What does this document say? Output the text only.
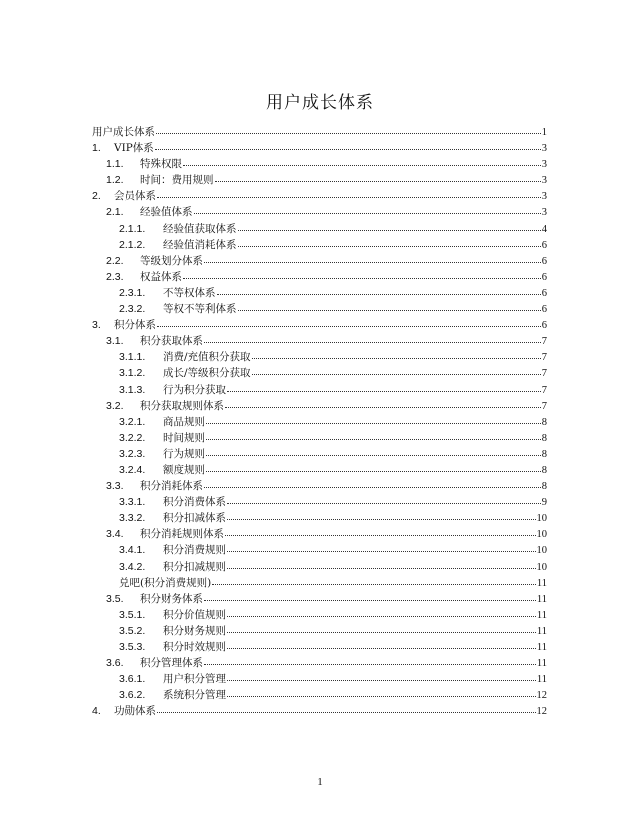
用户成长体系
用户成长体系	1
1.	VIP体系	3
1.1.	特殊权限	3
1.2.	时间：费用规则	3
2.	会员体系	3
2.1.	经验值体系	3
2.1.1.	经验值获取体系	4
2.1.2.	经验值消耗体系	6
2.2.	等级划分体系	6
2.3.	权益体系	6
2.3.1.	不等权体系	6
2.3.2.	等权不等利体系	6
3.	积分体系	6
3.1.	积分获取体系	7
3.1.1.	消费/充值积分获取	7
3.1.2.	成长/等级积分获取	7
3.1.3.	行为积分获取	7
3.2.	积分获取规则体系	7
3.2.1.	商品规则	8
3.2.2.	时间规则	8
3.2.3.	行为规则	8
3.2.4.	额度规则	8
3.3.	积分消耗体系	8
3.3.1.	积分消费体系	9
3.3.2.	积分扣减体系	10
3.4.	积分消耗规则体系	10
3.4.1.	积分消费规则	10
3.4.2.	积分扣减规则	10
兑吧(积分消费规则)	11
3.5.	积分财务体系	11
3.5.1.	积分价值规则	11
3.5.2.	积分财务规则	11
3.5.3.	积分时效规则	11
3.6.	积分管理体系	11
3.6.1.	用户积分管理	11
3.6.2.	系统积分管理	12
4.	功勋体系	12
1
